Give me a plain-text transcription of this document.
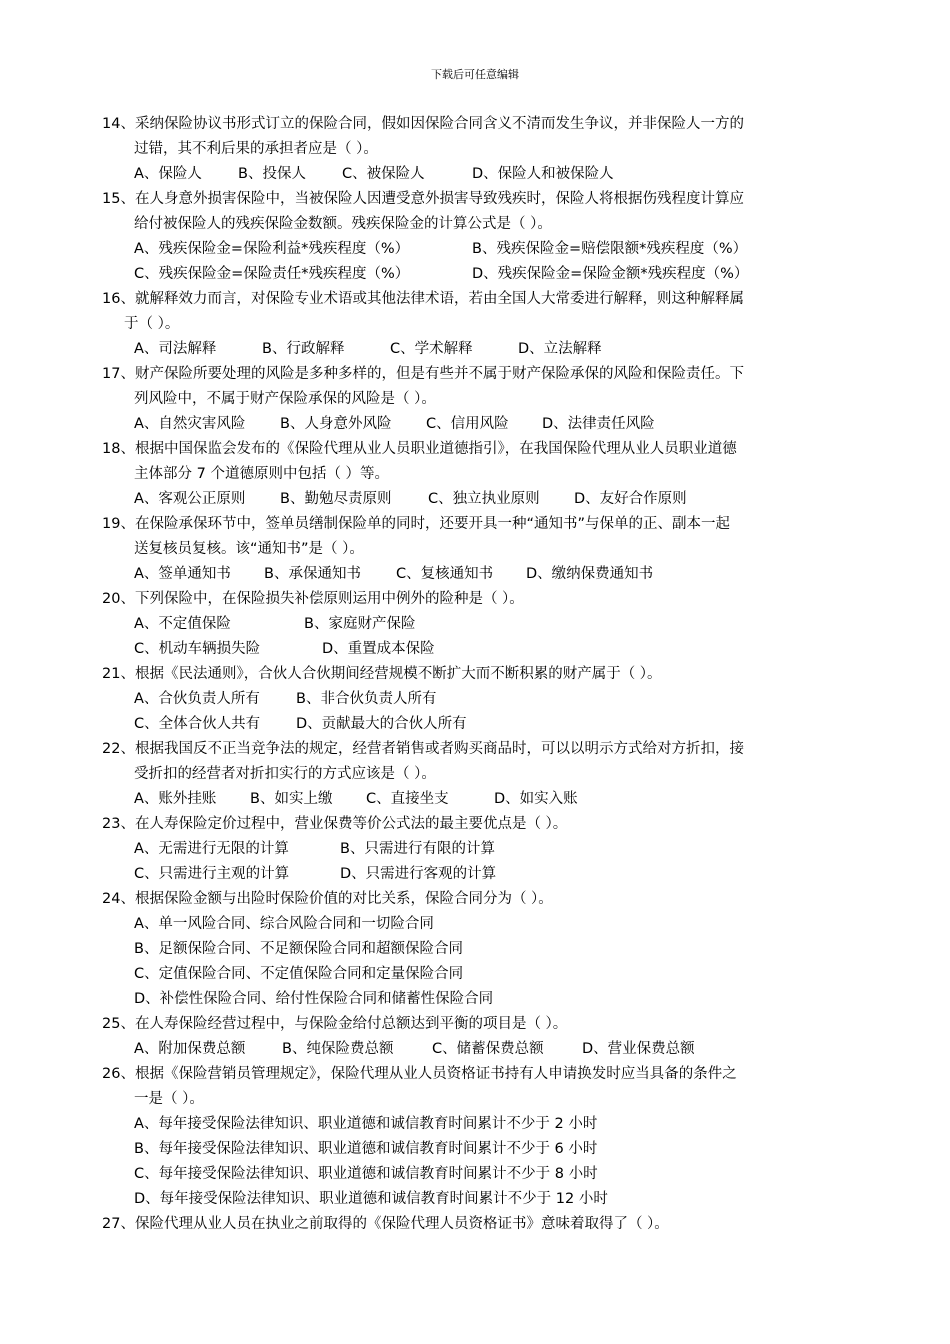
下载后可任意编辑
14、采纳保险协议书形式订立的保险合同，假如因保险合同含义不清而发生争议，并非保险人一方的
过错，其不利后果的承担者应是（ ）。
A、保险人	B、投保人	C、被保险人	D、保险人和被保险人
15、在人身意外损害保险中，当被保险人因遭受意外损害导致残疾时，保险人将根据伤残程度计算应
给付被保险人的残疾保险金数额。残疾保险金的计算公式是（ ）。
A、残疾保险金=保险利益*残疾程度（%）	B、残疾保险金=赔偿限额*残疾程度（%）
C、残疾保险金=保险责任*残疾程度（%）	D、残疾保险金=保险金额*残疾程度（%）
16、就解释效力而言，对保险专业术语或其他法律术语，若由全国人大常委进行解释，则这种解释属
于（ ）。
A、司法解释	B、行政解释	C、学术解释	D、立法解释
17、财产保险所要处理的风险是多种多样的，但是有些并不属于财产保险承保的风险和保险责任。下
列风险中，不属于财产保险承保的风险是（ ）。
A、自然灾害风险	B、人身意外风险	C、信用风险	D、法律责任风险
18、根据中国保监会发布的《保险代理从业人员职业道德指引》，在我国保险代理从业人员职业道德
主体部分 7 个道德原则中包括（ ）等。
A、客观公正原则	B、勤勉尽责原则	C、独立执业原则	D、友好合作原则
19、在保险承保环节中，签单员缮制保险单的同时，还要开具一种“通知书”与保单的正、副本一起
送复核员复核。该“通知书”是（ ）。
A、签单通知书	B、承保通知书	C、复核通知书	D、缴纳保费通知书
20、下列保险中，在保险损失补偿原则运用中例外的险种是（ ）。
A、不定值保险	B、家庭财产保险
C、机动车辆损失险	D、重置成本保险
21、根据《民法通则》，合伙人合伙期间经营规模不断扩大而不断积累的财产属于（ ）。
A、合伙负责人所有	B、非合伙负责人所有
C、全体合伙人共有	D、贡献最大的合伙人所有
22、根据我国反不正当竞争法的规定，经营者销售或者购买商品时，可以以明示方式给对方折扣，接
受折扣的经营者对折扣实行的方式应该是（ ）。
A、账外挂账	B、如实上缴	C、直接坐支	D、如实入账
23、在人寿保险定价过程中，营业保费等价公式法的最主要优点是（ ）。
A、无需进行无限的计算	B、只需进行有限的计算
C、只需进行主观的计算	D、只需进行客观的计算
24、根据保险金额与出险时保险价值的对比关系，保险合同分为（ ）。
A、单一风险合同、综合风险合同和一切险合同
B、足额保险合同、不足额保险合同和超额保险合同
C、定值保险合同、不定值保险合同和定量保险合同
D、补偿性保险合同、给付性保险合同和储蓄性保险合同
25、在人寿保险经营过程中，与保险金给付总额达到平衡的项目是（ ）。
A、附加保费总额	B、纯保险费总额	C、储蓄保费总额	D、营业保费总额
26、根据《保险营销员管理规定》，保险代理从业人员资格证书持有人申请换发时应当具备的条件之
一是（ ）。
A、每年接受保险法律知识、职业道德和诚信教育时间累计不少于 2 小时
B、每年接受保险法律知识、职业道德和诚信教育时间累计不少于 6 小时
C、每年接受保险法律知识、职业道德和诚信教育时间累计不少于 8 小时
D、每年接受保险法律知识、职业道德和诚信教育时间累计不少于 12 小时
27、保险代理从业人员在执业之前取得的《保险代理人员资格证书》意味着取得了（ ）。
